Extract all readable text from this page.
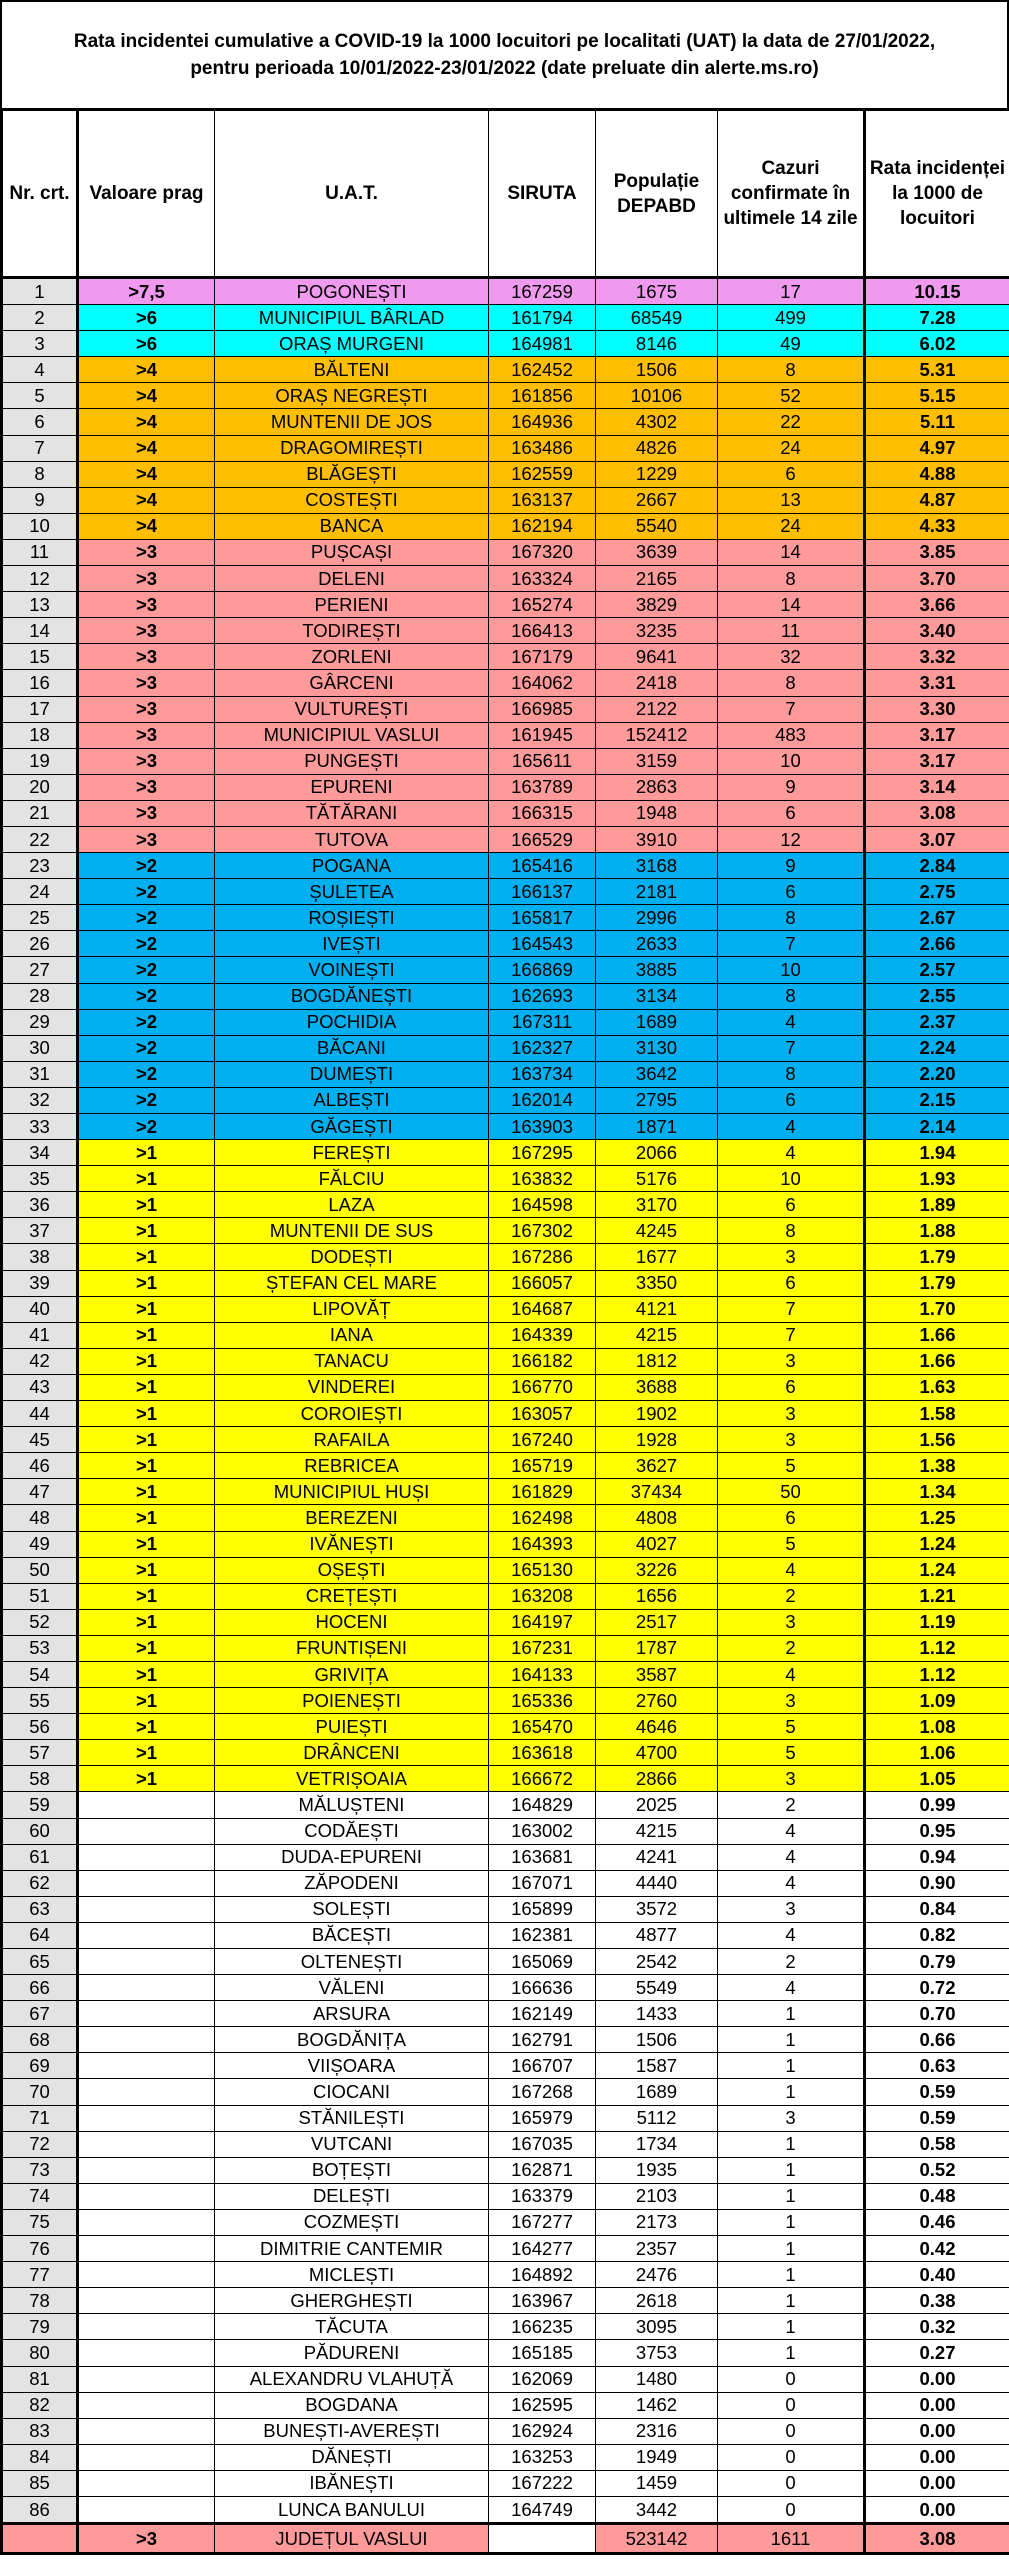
Rata incidentei cumulative a COVID-19 la 1000 locuitori pe localitati (UAT) la data de 27/01/2022,
pentru perioada 10/01/2022-23/01/2022 (date preluate din alerte.ms.ro)
Nr. crt.	Valoare prag	U.A.T.	SIRUTA	Populație DEPABD	Cazuri confirmate în ultimele 14 zile	Rata incidenței la 1000 de locuitori
1	>7,5	POGONEȘTI	167259	1675	17	10.15
2	>6	MUNICIPIUL BÂRLAD	161794	68549	499	7.28
3	>6	ORAȘ MURGENI	164981	8146	49	6.02
4	>4	BĂLTENI	162452	1506	8	5.31
5	>4	ORAȘ NEGREȘTI	161856	10106	52	5.15
6	>4	MUNTENII DE JOS	164936	4302	22	5.11
7	>4	DRAGOMIREȘTI	163486	4826	24	4.97
8	>4	BLĂGEȘTI	162559	1229	6	4.88
9	>4	COSTEȘTI	163137	2667	13	4.87
10	>4	BANCA	162194	5540	24	4.33
11	>3	PUȘCAȘI	167320	3639	14	3.85
12	>3	DELENI	163324	2165	8	3.70
13	>3	PERIENI	165274	3829	14	3.66
14	>3	TODIREȘTI	166413	3235	11	3.40
15	>3	ZORLENI	167179	9641	32	3.32
16	>3	GÂRCENI	164062	2418	8	3.31
17	>3	VULTUREȘTI	166985	2122	7	3.30
18	>3	MUNICIPIUL VASLUI	161945	152412	483	3.17
19	>3	PUNGEȘTI	165611	3159	10	3.17
20	>3	EPURENI	163789	2863	9	3.14
21	>3	TĂTĂRANI	166315	1948	6	3.08
22	>3	TUTOVA	166529	3910	12	3.07
23	>2	POGANA	165416	3168	9	2.84
24	>2	ȘULETEA	166137	2181	6	2.75
25	>2	ROȘIEȘTI	165817	2996	8	2.67
26	>2	IVEȘTI	164543	2633	7	2.66
27	>2	VOINEȘTI	166869	3885	10	2.57
28	>2	BOGDĂNEȘTI	162693	3134	8	2.55
29	>2	POCHIDIA	167311	1689	4	2.37
30	>2	BĂCANI	162327	3130	7	2.24
31	>2	DUMEȘTI	163734	3642	8	2.20
32	>2	ALBEȘTI	162014	2795	6	2.15
33	>2	GĂGEȘTI	163903	1871	4	2.14
34	>1	FEREȘTI	167295	2066	4	1.94
35	>1	FĂLCIU	163832	5176	10	1.93
36	>1	LAZA	164598	3170	6	1.89
37	>1	MUNTENII DE SUS	167302	4245	8	1.88
38	>1	DODEȘTI	167286	1677	3	1.79
39	>1	ȘTEFAN CEL MARE	166057	3350	6	1.79
40	>1	LIPOVĂȚ	164687	4121	7	1.70
41	>1	IANA	164339	4215	7	1.66
42	>1	TANACU	166182	1812	3	1.66
43	>1	VINDEREI	166770	3688	6	1.63
44	>1	COROIEȘTI	163057	1902	3	1.58
45	>1	RAFAILA	167240	1928	3	1.56
46	>1	REBRICEA	165719	3627	5	1.38
47	>1	MUNICIPIUL HUȘI	161829	37434	50	1.34
48	>1	BEREZENI	162498	4808	6	1.25
49	>1	IVĂNEȘTI	164393	4027	5	1.24
50	>1	OȘEȘTI	165130	3226	4	1.24
51	>1	CREȚEȘTI	163208	1656	2	1.21
52	>1	HOCENI	164197	2517	3	1.19
53	>1	FRUNTIȘENI	167231	1787	2	1.12
54	>1	GRIVIȚA	164133	3587	4	1.12
55	>1	POIENEȘTI	165336	2760	3	1.09
56	>1	PUIEȘTI	165470	4646	5	1.08
57	>1	DRÂNCENI	163618	4700	5	1.06
58	>1	VETRIȘOAIA	166672	2866	3	1.05
59		MĂLUȘTENI	164829	2025	2	0.99
60		CODĂEȘTI	163002	4215	4	0.95
61		DUDA-EPURENI	163681	4241	4	0.94
62		ZĂPODENI	167071	4440	4	0.90
63		SOLEȘTI	165899	3572	3	0.84
64		BĂCEȘTI	162381	4877	4	0.82
65		OLTENEȘTI	165069	2542	2	0.79
66		VĂLENI	166636	5549	4	0.72
67		ARSURA	162149	1433	1	0.70
68		BOGDĂNIȚA	162791	1506	1	0.66
69		VIIȘOARA	166707	1587	1	0.63
70		CIOCANI	167268	1689	1	0.59
71		STĂNILEȘTI	165979	5112	3	0.59
72		VUTCANI	167035	1734	1	0.58
73		BOȚEȘTI	162871	1935	1	0.52
74		DELEȘTI	163379	2103	1	0.48
75		COZMEȘTI	167277	2173	1	0.46
76		DIMITRIE CANTEMIR	164277	2357	1	0.42
77		MICLEȘTI	164892	2476	1	0.40
78		GHERGHEȘTI	163967	2618	1	0.38
79		TĂCUTA	166235	3095	1	0.32
80		PĂDURENI	165185	3753	1	0.27
81		ALEXANDRU VLAHUȚĂ	162069	1480	0	0.00
82		BOGDANA	162595	1462	0	0.00
83		BUNEȘTI-AVEREȘTI	162924	2316	0	0.00
84		DĂNEȘTI	163253	1949	0	0.00
85		IBĂNEȘTI	167222	1459	0	0.00
86		LUNCA BANULUI	164749	3442	0	0.00
	>3	JUDEȚUL VASLUI		523142	1611	3.08
